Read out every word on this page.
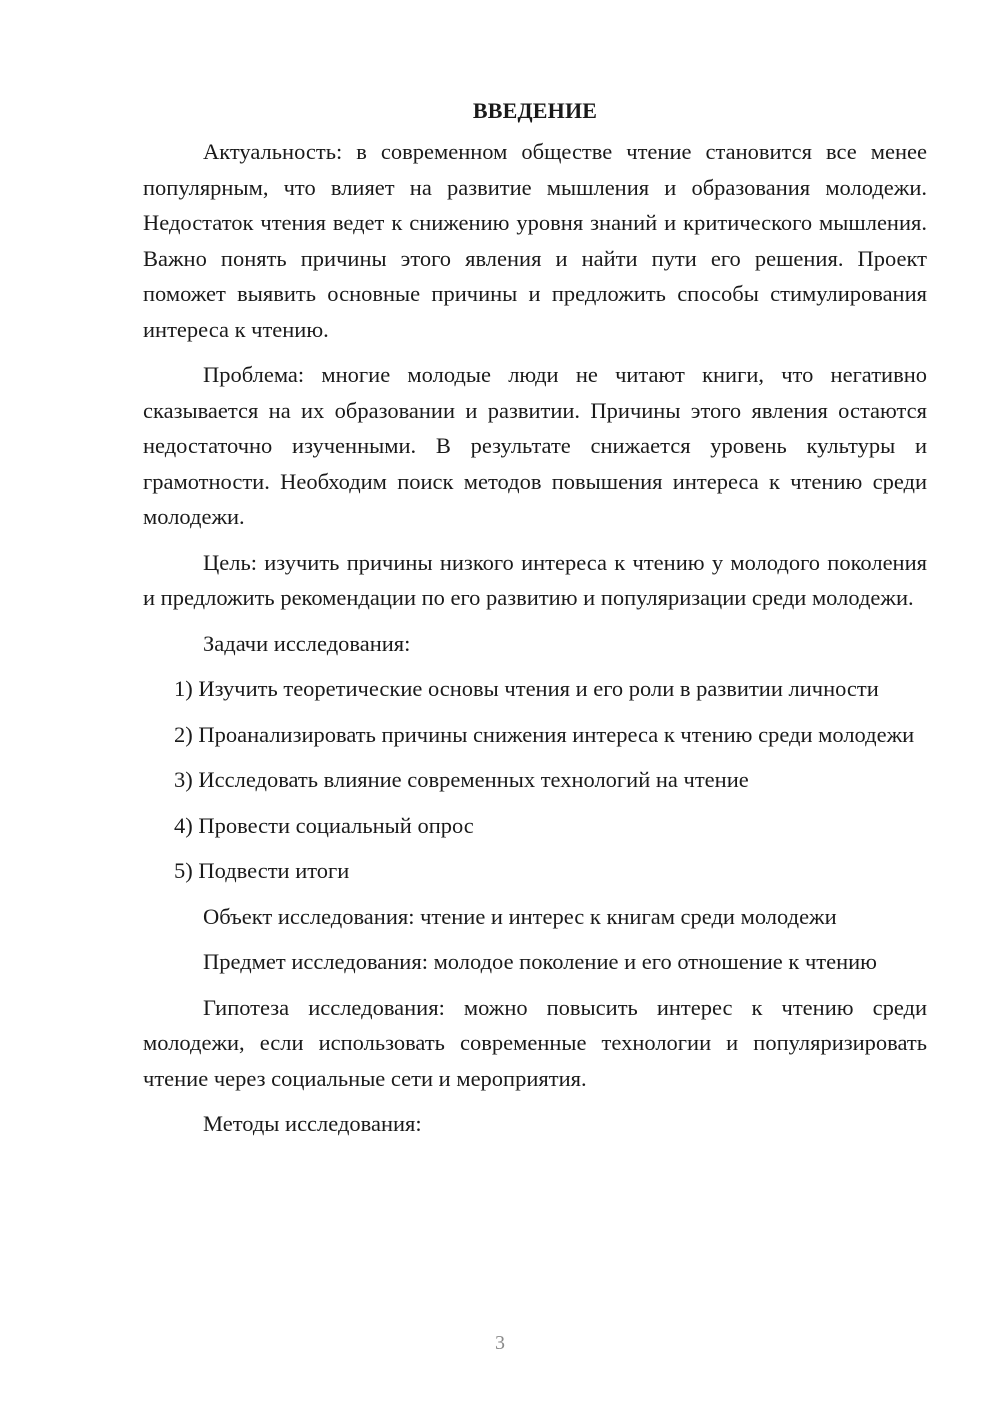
ВВЕДЕНИЕ

Актуальность: в современном обществе чтение становится все менее популярным, что влияет на развитие мышления и образования молодежи. Недостаток чтения ведет к снижению уровня знаний и критического мышления. Важно понять причины этого явления и найти пути его решения. Проект поможет выявить основные причины и предложить способы стимулирования интереса к чтению.

Проблема: многие молодые люди не читают книги, что негативно сказывается на их образовании и развитии. Причины этого явления остаются недостаточно изученными. В результате снижается уровень культуры и грамотности. Необходим поиск методов повышения интереса к чтению среди молодежи.

Цель: изучить причины низкого интереса к чтению у молодого поколения и предложить рекомендации по его развитию и популяризации среди молодежи.

Задачи исследования:

1) Изучить теоретические основы чтения и его роли в развитии личности

2) Проанализировать причины снижения интереса к чтению среди молодежи

3) Исследовать влияние современных технологий на чтение

4) Провести социальный опрос

5) Подвести итоги

Объект исследования: чтение и интерес к книгам среди молодежи

Предмет исследования: молодое поколение и его отношение к чтению

Гипотеза исследования: можно повысить интерес к чтению среди молодежи, если использовать современные технологии и популяризировать чтение через социальные сети и мероприятия.

Методы исследования:

3
